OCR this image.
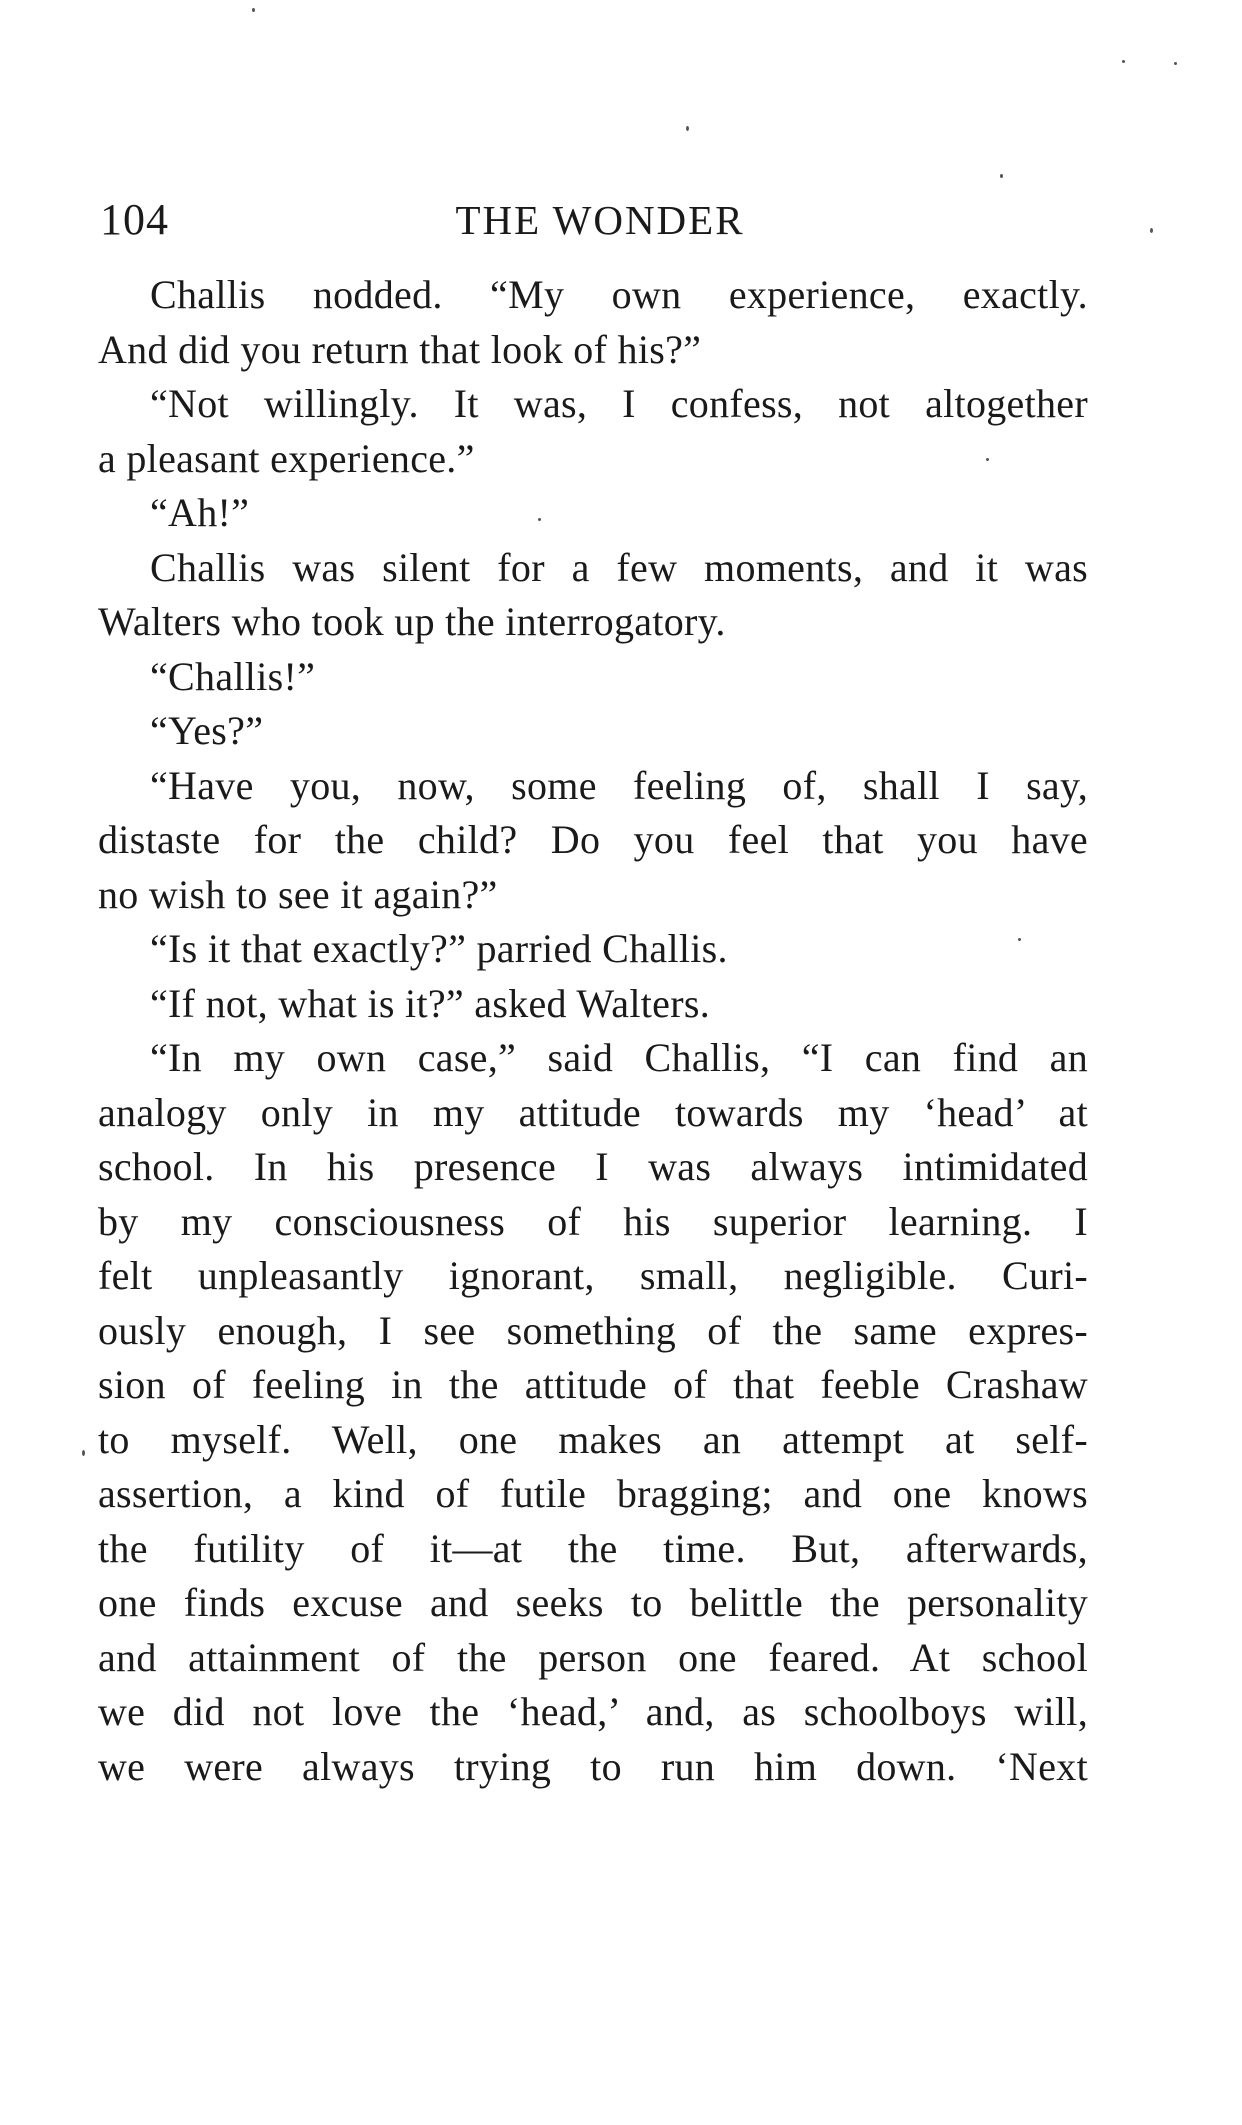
104	THE WONDER
Challis nodded. “My own experience, exactly.
And did you return that look of his?”
“Not willingly. It was, I confess, not altogether
a pleasant experience.”
“Ah!”
Challis was silent for a few moments, and it was
Walters who took up the interrogatory.
“Challis!”
“Yes?”
“Have you, now, some feeling of, shall I say,
distaste for the child? Do you feel that you have
no wish to see it again?”
“Is it that exactly?” parried Challis.
“If not, what is it?” asked Walters.
“In my own case,” said Challis, “I can find an
analogy only in my attitude towards my ‘head’ at
school. In his presence I was always intimidated
by my consciousness of his superior learning. I
felt unpleasantly ignorant, small, negligible. Curi-
ously enough, I see something of the same expres-
sion of feeling in the attitude of that feeble Crashaw
to myself. Well, one makes an attempt at self-
assertion, a kind of futile bragging; and one knows
the futility of it—at the time. But, afterwards,
one finds excuse and seeks to belittle the personality
and attainment of the person one feared. At school
we did not love the ‘head,’ and, as schoolboys will,
we were always trying to run him down. ‘Next
